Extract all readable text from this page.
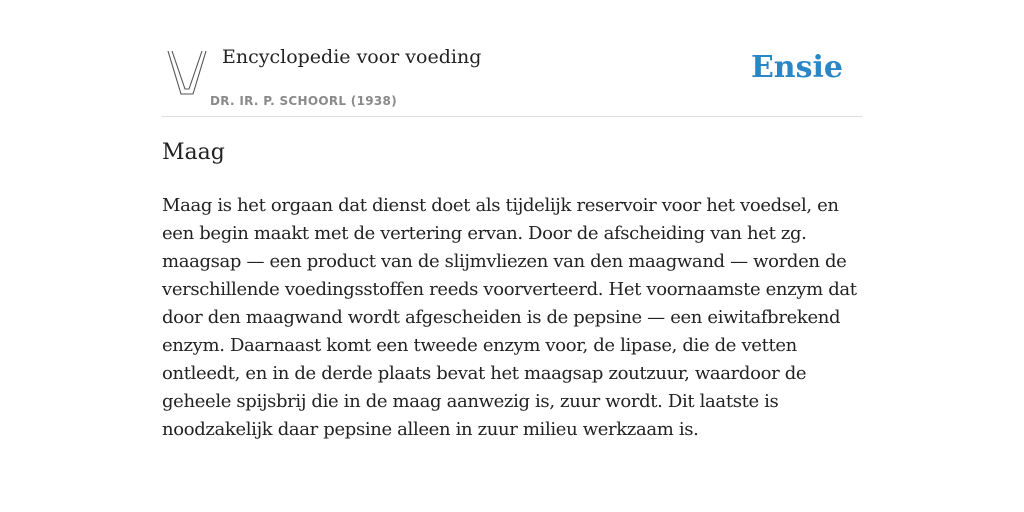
Encyclopedie voor voeding
DR. IR. P. SCHOORL (1938)
Ensie
Maag

Maag is het orgaan dat dienst doet als tijdelijk reservoir voor het voedsel, en een begin maakt met de vertering ervan. Door de afscheiding van het zg. maagsap — een product van de slijmvliezen van den maagwand — worden de verschillende voedingsstoffen reeds voorverteerd. Het voornaamste enzym dat door den maagwand wordt afgescheiden is de pepsine — een eiwitafbrekend enzym. Daarnaast komt een tweede enzym voor, de lipase, die de vetten ontleedt, en in de derde plaats bevat het maagsap zoutzuur, waardoor de geheele spijsbrij die in de maag aanwezig is, zuur wordt. Dit laatste is noodzakelijk daar pepsine alleen in zuur milieu werkzaam is.
